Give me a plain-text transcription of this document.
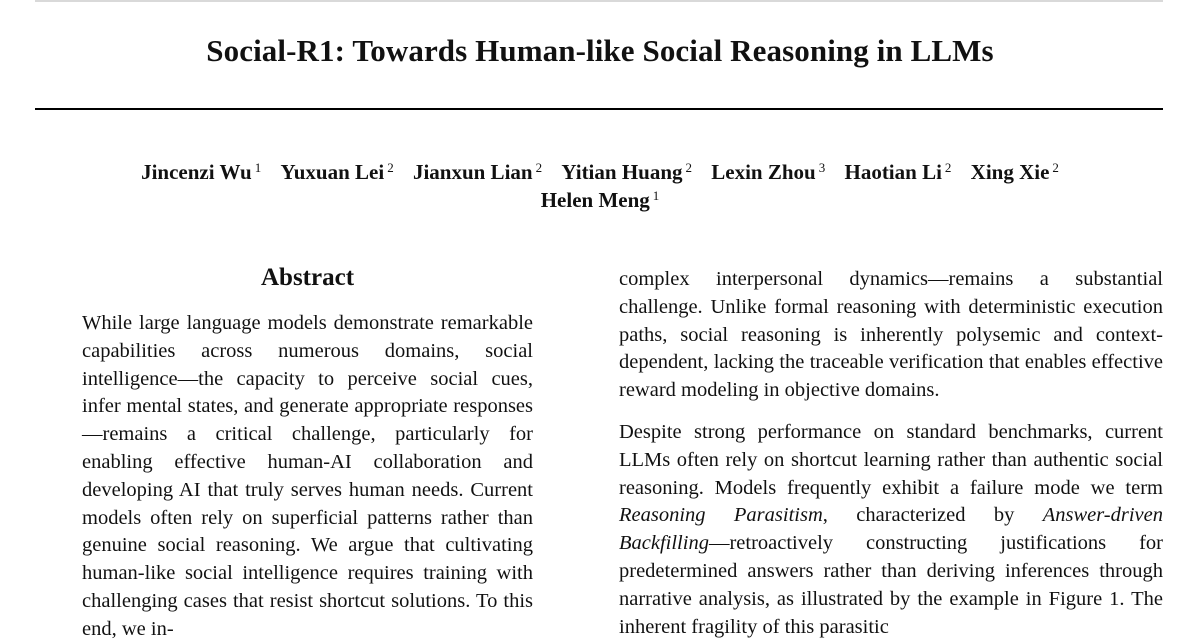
Social-R1: Towards Human-like Social Reasoning in LLMs
Jincenzi Wu $^1$ Yuxuan Lei $^2$ Jianxun Lian $^2$ Yitian Huang $^2$ Lexin Zhou $^3$ Haotian Li $^2$ Xing Xie $^2$
Helen Meng $^1$
Abstract

While large language models demonstrate remarkable capabilities across numerous domains, social intelligence—the capacity to perceive social cues, infer mental states, and generate appropriate responses—remains a critical challenge, particularly for enabling effective human-AI collaboration and developing AI that truly serves human needs. Current models often rely on superficial patterns rather than genuine social reasoning. We argue that cultivating human-like social intelligence requires training with challenging cases that resist shortcut solutions. To this end, we in-

complex interpersonal dynamics—remains a substantial challenge. Unlike formal reasoning with deterministic execution paths, social reasoning is inherently polysemic and context-dependent, lacking the traceable verification that enables effective reward modeling in objective domains.

Despite strong performance on standard benchmarks, current LLMs often rely on shortcut learning rather than authentic social reasoning. Models frequently exhibit a failure mode we term Reasoning Parasitism, characterized by Answer-driven Backfilling—retroactively constructing justifications for predetermined answers rather than deriving inferences through narrative analysis, as illustrated by the example in Figure 1. The inherent fragility of this parasitic
